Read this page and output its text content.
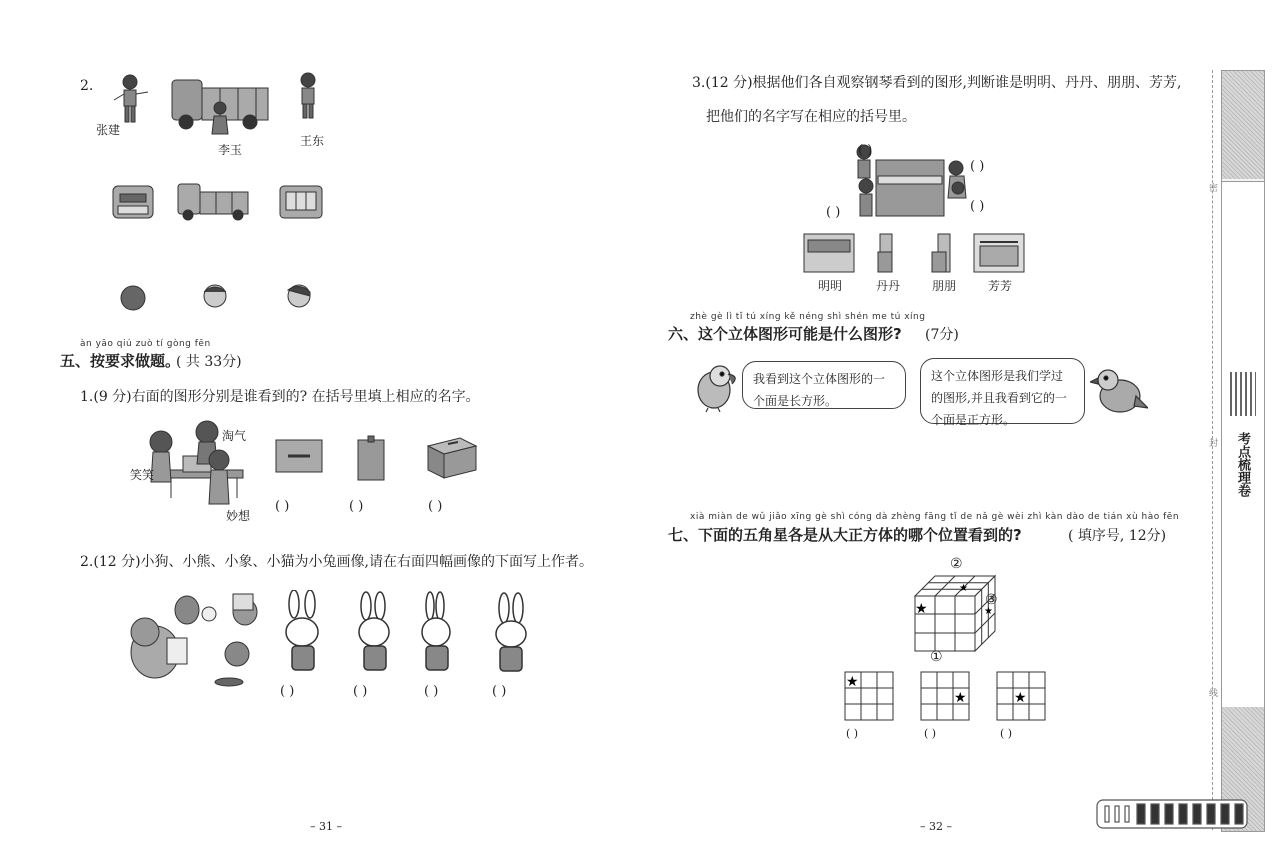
2.
张建
李玉
王东
àn yāo qiú zuò tí gòng fēn
五、按要求做题。
( 共 33分)
1.(9 分)右面的图形分别是谁看到的? 在括号里填上相应的名字。
淘气
笑笑
妙想
( )	( )	( )
2.(12 分)小狗、小熊、小象、小猫为小兔画像,请在右面四幅画像的下面写上作者。
( )	( )	( )	( )
– 31 –
3.(12 分)根据他们各自观察钢琴看到的图形,判断谁是明明、丹丹、朋朋、芳芳,
把他们的名字写在相应的括号里。
( )
( )
( )	( )
明明	丹丹	朋朋	芳芳
zhè gè lì tǐ tú xíng kě néng shì shén me tú xíng
六、这个立体图形可能是什么图形? (7分)
我看到这个立体图形的一个面是长方形。
这个立体图形是我们学过的图形,并且我看到它的一个面是正方形。
xià miàn de wǔ jiǎo xīng gè shì cóng dà zhèng fāng tǐ de nǎ gè wèi zhì kàn dào de tián xù hào fēn
七、下面的五角星各是从大正方体的哪个位置看到的?	( 填序号, 12分)
★
★
★
②
③
①
★
★	★
( )	( )	( )
– 32 –
考点梳理卷
密
封
线
